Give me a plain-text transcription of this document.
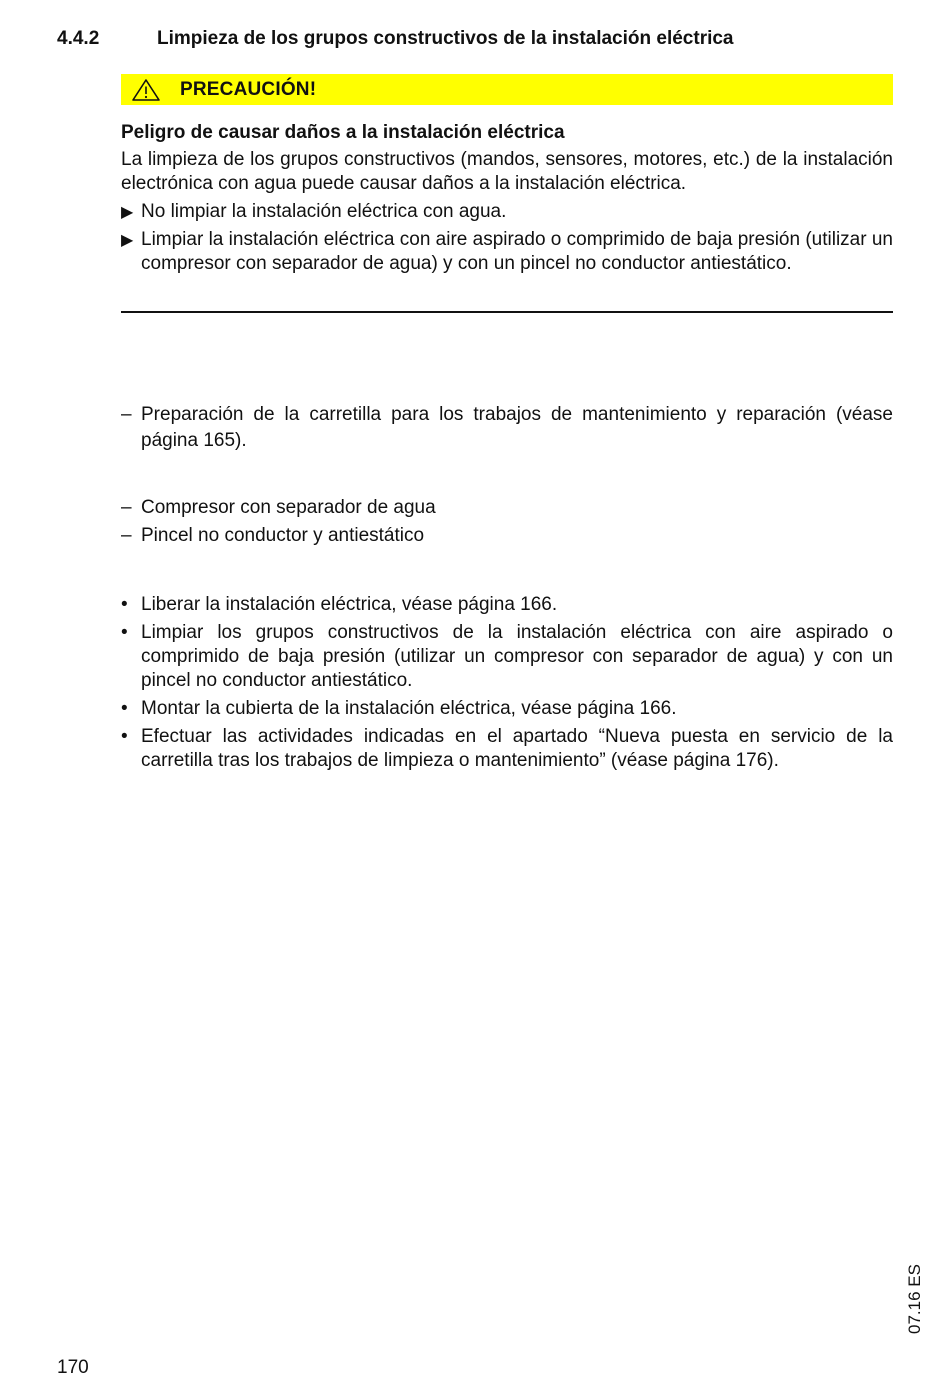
4.4.2	Limpieza de los grupos constructivos de la instalación eléctrica
PRECAUCIÓN!
Peligro de causar daños a la instalación eléctrica
La limpieza de los grupos constructivos (mandos, sensores, motores, etc.) de la instalación electrónica con agua puede causar daños a la instalación eléctrica.
▶ No limpiar la instalación eléctrica con agua.
▶ Limpiar la instalación eléctrica con aire aspirado o comprimido de baja presión (utilizar un compresor con separador de agua) y con un pincel no conductor antiestático.
– Preparación de la carretilla para los trabajos de mantenimiento y reparación (véase página 165).
– Compresor con separador de agua
– Pincel no conductor y antiestático
• Liberar la instalación eléctrica, véase página 166.
• Limpiar los grupos constructivos de la instalación eléctrica con aire aspirado o comprimido de baja presión (utilizar un compresor con separador de agua) y con un pincel no conductor antiestático.
• Montar la cubierta de la instalación eléctrica, véase página 166.
• Efectuar las actividades indicadas en el apartado “Nueva puesta en servicio de la carretilla tras los trabajos de limpieza o mantenimiento” (véase página 176).
07.16 ES
170
